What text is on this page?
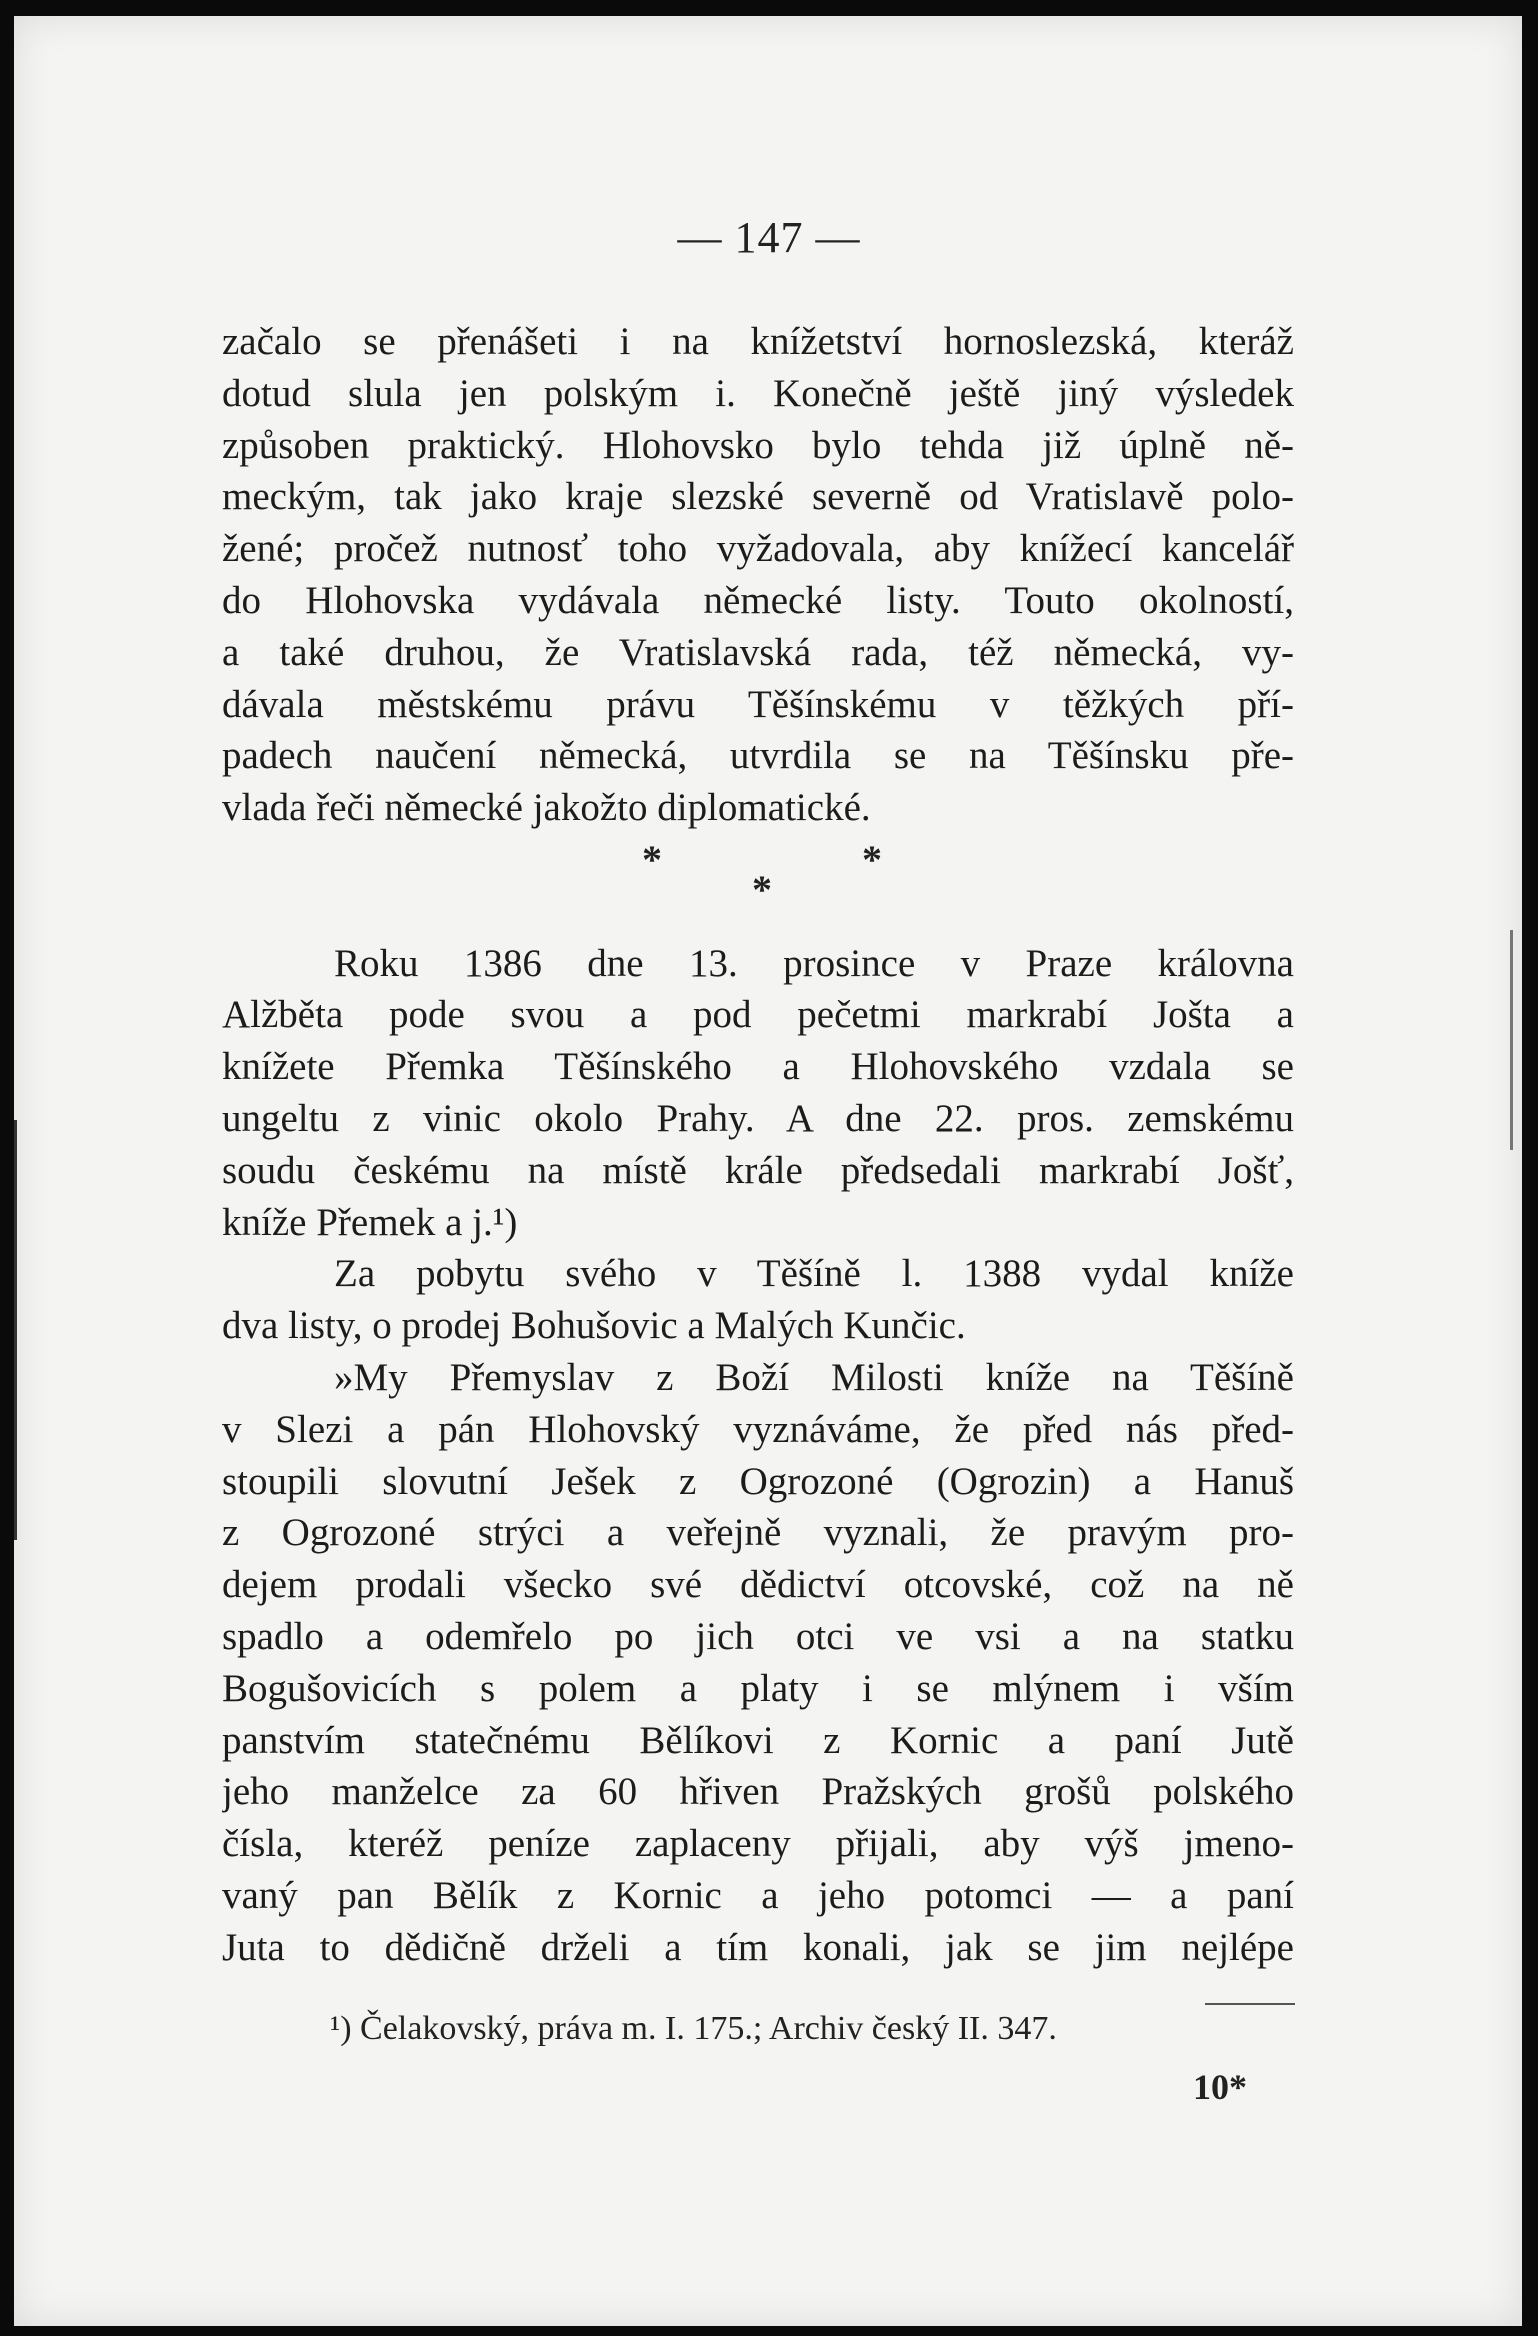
— 147 —
začalo se přenášeti i na knížetství hornoslezská, kteráž
dotud slula jen polským i. Konečně ještě jiný výsledek
způsoben praktický. Hlohovsko bylo tehda již úplně ně-
meckým, tak jako kraje slezské severně od Vratislavě polo-
žené; pročež nutnosť toho vyžadovala, aby knížecí kancelář
do Hlohovska vydávala německé listy. Touto okolností,
a také druhou, že Vratislavská rada, též německá, vy-
dávala městskému právu Těšínskému v těžkých pří-
padech naučení německá, utvrdila se na Těšínsku pře-
vlada řeči německé jakožto diplomatické.
*	*
*
Roku 1386 dne 13. prosince v Praze královna
Alžběta pode svou a pod pečetmi markrabí Jošta a
knížete Přemka Těšínského a Hlohovského vzdala se
ungeltu z vinic okolo Prahy. A dne 22. pros. zemskému
soudu českému na místě krále předsedali markrabí Jošť,
kníže Přemek a j.¹)
Za pobytu svého v Těšíně l. 1388 vydal kníže
dva listy, o prodej Bohušovic a Malých Kunčic.
»My Přemyslav z Boží Milosti kníže na Těšíně
v Slezi a pán Hlohovský vyznáváme, že před nás před-
stoupili slovutní Ješek z Ogrozoné (Ogrozin) a Hanuš
z Ogrozoné strýci a veřejně vyznali, že pravým pro-
dejem prodali všecko své dědictví otcovské, což na ně
spadlo a odemřelo po jich otci ve vsi a na statku
Bogušovicích s polem a platy i se mlýnem i vším
panstvím statečnému Bělíkovi z Kornic a paní Jutě
jeho manželce za 60 hřiven Pražských grošů polského
čísla, kteréž peníze zaplaceny přijali, aby výš jmeno-
vaný pan Bělík z Kornic a jeho potomci — a paní
Juta to dědičně drželi a tím konali, jak se jim nejlépe
¹) Čelakovský, práva m. I. 175.; Archiv český II. 347.
10*
